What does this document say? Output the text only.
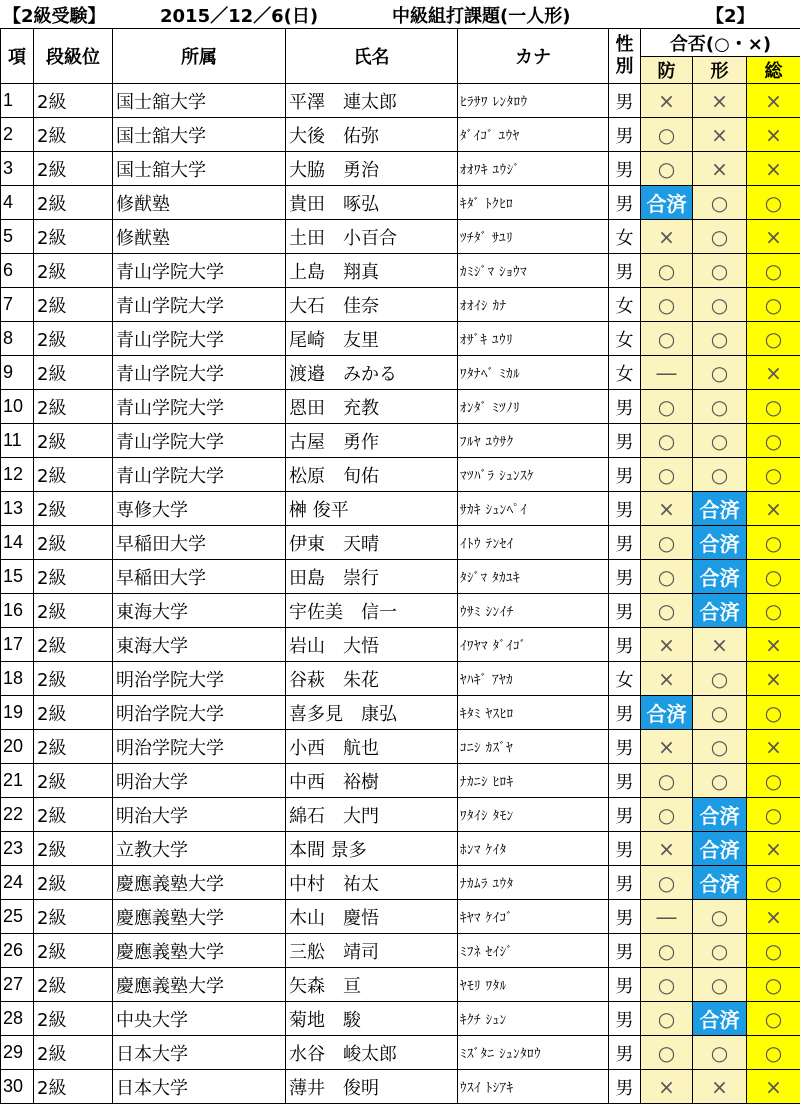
【2級受験】	2015／12／6(日)	中級組打課題(一人形)	【2】
項	段級位	所属	氏名	カナ	性別	合否(○・×)		
						防	形	総
1	2級	国士舘大学	平澤　連太郎	ﾋﾗｻﾜ ﾚﾝﾀﾛｳ	男	×	×	×
2	2級	国士舘大学	大後　佑弥	ﾀﾞｲｺﾞ ﾕｳﾔ	男	○	×	×
3	2級	国士舘大学	大脇　勇治	ｵｵﾜｷ ﾕｳｼﾞ	男	○	×	×
4	2級	修猷塾	貴田　啄弘	ｷﾀﾞ ﾄｸﾋﾛ	男	合済	○	○
5	2級	修猷塾	土田　小百合	ﾂﾁﾀﾞ ｻﾕﾘ	女	×	○	×
6	2級	青山学院大学	上島　翔真	ｶﾐｼﾞﾏ ｼｮｳﾏ	男	○	○	○
7	2級	青山学院大学	大石　佳奈	ｵｵｲｼ ｶﾅ	女	○	○	○
8	2級	青山学院大学	尾崎　友里	ｵｻﾞｷ ﾕｳﾘ	女	○	○	○
9	2級	青山学院大学	渡邉　みかる	ﾜﾀﾅﾍﾞ ﾐｶﾙ	女	―	○	×
10	2級	青山学院大学	恩田　充教	ｵﾝﾀﾞ ﾐﾂﾉﾘ	男	○	○	○
11	2級	青山学院大学	古屋　勇作	ﾌﾙﾔ ﾕｳｻｸ	男	○	○	○
12	2級	青山学院大学	松原　旬佑	ﾏﾂﾊﾞﾗ ｼｭﾝｽｹ	男	○	○	○
13	2級	専修大学	榊 俊平	ｻｶｷ ｼｭﾝﾍﾟｲ	男	×	合済	×
14	2級	早稲田大学	伊東　天晴	ｲﾄｳ ﾃﾝｾｲ	男	○	合済	○
15	2級	早稲田大学	田島　崇行	ﾀｼﾞﾏ ﾀｶﾕｷ	男	○	合済	○
16	2級	東海大学	宇佐美　信一	ｳｻﾐ ｼﾝｲﾁ	男	○	合済	○
17	2級	東海大学	岩山　大悟	ｲﾜﾔﾏ ﾀﾞｲｺﾞ	男	×	×	×
18	2級	明治学院大学	谷萩　朱花	ﾔﾊｷﾞ ｱﾔｶ	女	×	○	×
19	2級	明治学院大学	喜多見　康弘	ｷﾀﾐ ﾔｽﾋﾛ	男	合済	○	○
20	2級	明治学院大学	小西　航也	ｺﾆｼ ｶｽﾞﾔ	男	×	○	×
21	2級	明治大学	中西　裕樹	ﾅｶﾆｼ ﾋﾛｷ	男	○	○	○
22	2級	明治大学	綿石　大門	ﾜﾀｲｼ ﾀﾓﾝ	男	○	合済	○
23	2級	立教大学	本間 景多	ﾎﾝﾏ ｹｲﾀ	男	×	合済	×
24	2級	慶應義塾大学	中村　祐太	ﾅｶﾑﾗ ﾕｳﾀ	男	○	合済	○
25	2級	慶應義塾大学	木山　慶悟	ｷﾔﾏ ｹｲｺﾞ	男	―	○	×
26	2級	慶應義塾大学	三舩　靖司	ﾐﾌﾈ ｾｲｼﾞ	男	○	○	○
27	2級	慶應義塾大学	矢森　亘	ﾔﾓﾘ ﾜﾀﾙ	男	○	○	○
28	2級	中央大学	菊地　駿	ｷｸﾁ ｼｭﾝ	男	○	合済	○
29	2級	日本大学	水谷　峻太郎	ﾐｽﾞﾀﾆ ｼｭﾝﾀﾛｳ	男	○	○	○
30	2級	日本大学	薄井　俊明	ｳｽｲ ﾄｼｱｷ	男	×	×	×
